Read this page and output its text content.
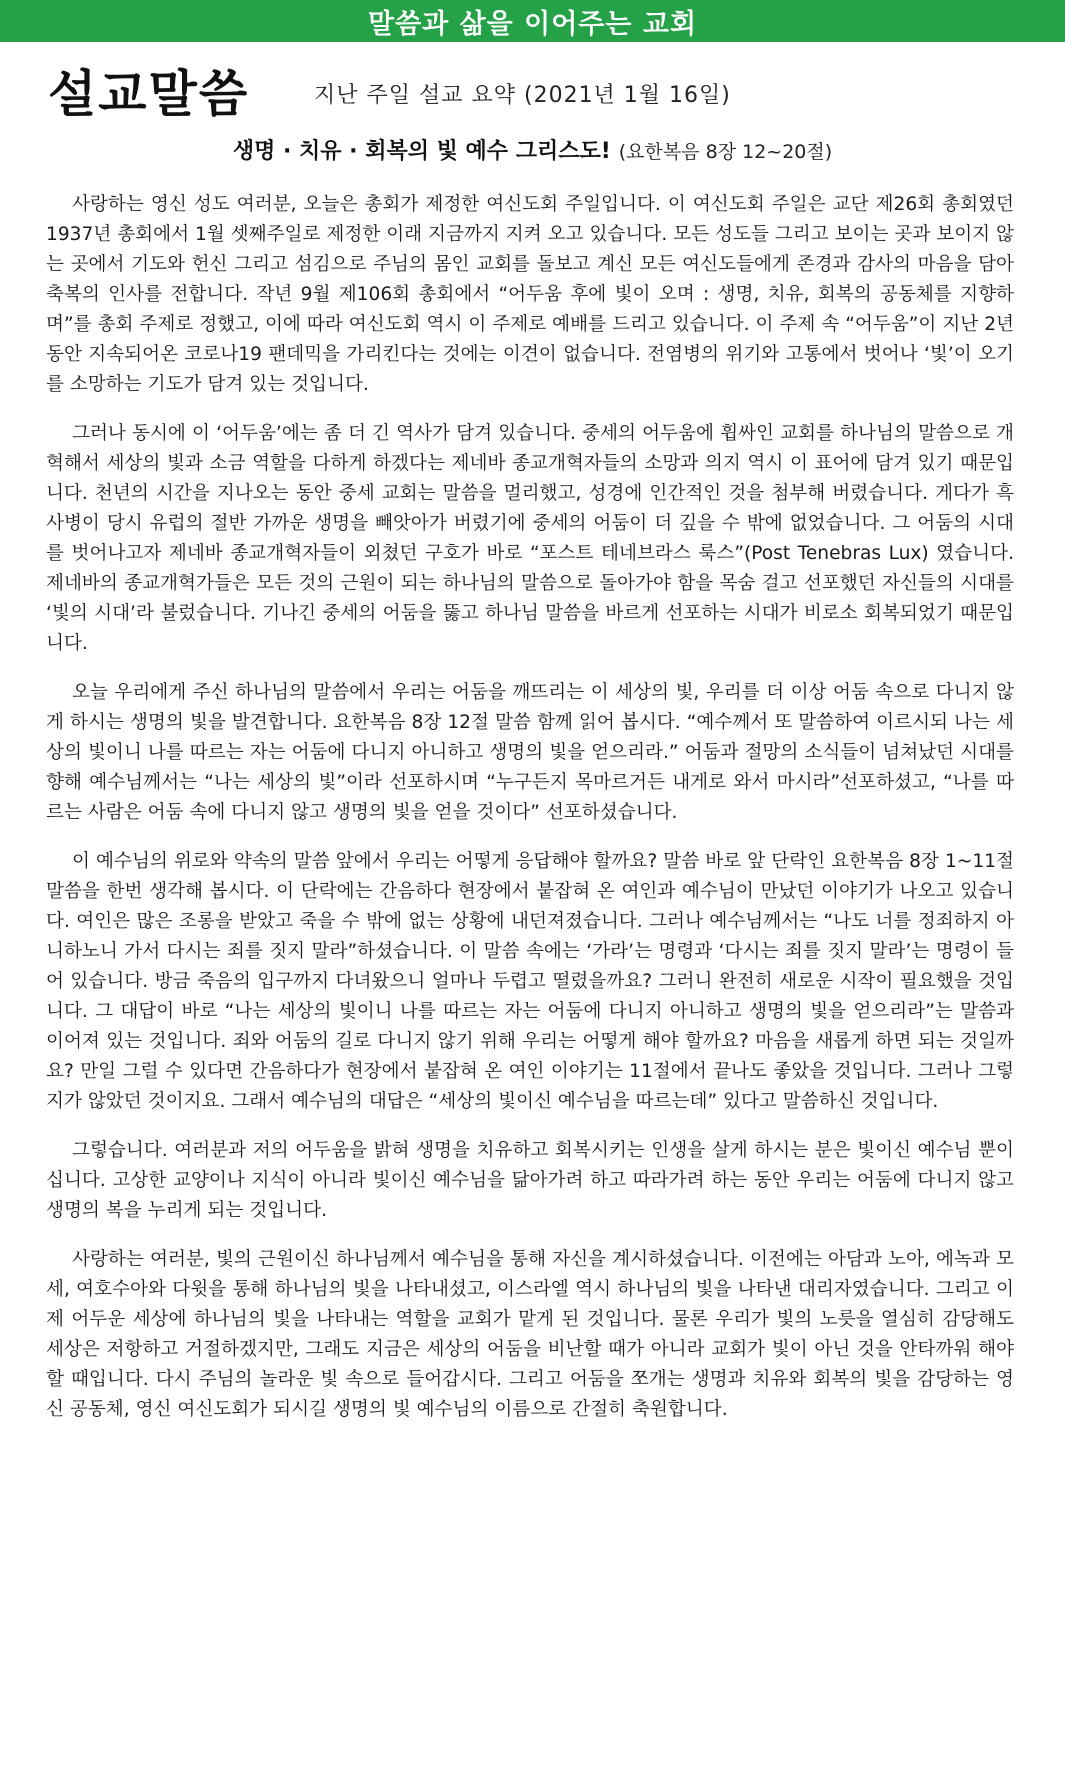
말씀과 삶을 이어주는 교회
설교말씀	지난 주일 설교 요약 (2021년 1월 16일)
생명 · 치유 · 회복의 빛 예수 그리스도! (요한복음 8장 12~20절)

사랑하는 영신 성도 여러분, 오늘은 총회가 제정한 여신도회 주일입니다. 이 여신도회 주일은 교단 제26회 총회였던 1937년 총회에서 1월 셋째주일로 제정한 이래 지금까지 지켜 오고 있습니다. 모든 성도들 그리고 보이는 곳과 보이지 않는 곳에서 기도와 헌신 그리고 섬김으로 주님의 몸인 교회를 돌보고 계신 모든 여신도들에게 존경과 감사의 마음을 담아 축복의 인사를 전합니다. 작년 9월 제106회 총회에서 “어두움 후에 빛이 오며 : 생명, 치유, 회복의 공동체를 지향하며”를 총회 주제로 정했고, 이에 따라 여신도회 역시 이 주제로 예배를 드리고 있습니다. 이 주제 속 “어두움”이 지난 2년 동안 지속되어온 코로나19 팬데믹을 가리킨다는 것에는 이견이 없습니다. 전염병의 위기와 고통에서 벗어나 ‘빛’이 오기를 소망하는 기도가 담겨 있는 것입니다.

그러나 동시에 이 ‘어두움’에는 좀 더 긴 역사가 담겨 있습니다. 중세의 어두움에 휩싸인 교회를 하나님의 말씀으로 개혁해서 세상의 빛과 소금 역할을 다하게 하겠다는 제네바 종교개혁자들의 소망과 의지 역시 이 표어에 담겨 있기 때문입니다. 천년의 시간을 지나오는 동안 중세 교회는 말씀을 멀리했고, 성경에 인간적인 것을 첨부해 버렸습니다. 게다가 흑사병이 당시 유럽의 절반 가까운 생명을 빼앗아가 버렸기에 중세의 어둠이 더 깊을 수 밖에 없었습니다. 그 어둠의 시대를 벗어나고자 제네바 종교개혁자들이 외쳤던 구호가 바로 “포스트 테네브라스 룩스”(Post Tenebras Lux) 였습니다. 제네바의 종교개혁가들은 모든 것의 근원이 되는 하나님의 말씀으로 돌아가야 함을 목숨 걸고 선포했던 자신들의 시대를 ‘빛의 시대’라 불렀습니다. 기나긴 중세의 어둠을 뚫고 하나님 말씀을 바르게 선포하는 시대가 비로소 회복되었기 때문입니다.

오늘 우리에게 주신 하나님의 말씀에서 우리는 어둠을 깨뜨리는 이 세상의 빛, 우리를 더 이상 어둠 속으로 다니지 않게 하시는 생명의 빛을 발견합니다. 요한복음 8장 12절 말씀 함께 읽어 봅시다. “예수께서 또 말씀하여 이르시되 나는 세상의 빛이니 나를 따르는 자는 어둠에 다니지 아니하고 생명의 빛을 얻으리라.” 어둠과 절망의 소식들이 넘쳐났던 시대를 향해 예수님께서는 “나는 세상의 빛”이라 선포하시며 “누구든지 목마르거든 내게로 와서 마시라”선포하셨고, “나를 따르는 사람은 어둠 속에 다니지 않고 생명의 빛을 얻을 것이다” 선포하셨습니다.

이 예수님의 위로와 약속의 말씀 앞에서 우리는 어떻게 응답해야 할까요? 말씀 바로 앞 단락인 요한복음 8장 1~11절 말씀을 한번 생각해 봅시다. 이 단락에는 간음하다 현장에서 붙잡혀 온 여인과 예수님이 만났던 이야기가 나오고 있습니다. 여인은 많은 조롱을 받았고 죽을 수 밖에 없는 상황에 내던져졌습니다. 그러나 예수님께서는 “나도 너를 정죄하지 아니하노니 가서 다시는 죄를 짓지 말라”하셨습니다. 이 말씀 속에는 ‘가라’는 명령과 ‘다시는 죄를 짓지 말라’는 명령이 들어 있습니다. 방금 죽음의 입구까지 다녀왔으니 얼마나 두렵고 떨렸을까요? 그러니 완전히 새로운 시작이 필요했을 것입니다. 그 대답이 바로 “나는 세상의 빛이니 나를 따르는 자는 어둠에 다니지 아니하고 생명의 빛을 얻으리라”는 말씀과 이어져 있는 것입니다. 죄와 어둠의 길로 다니지 않기 위해 우리는 어떻게 해야 할까요? 마음을 새롭게 하면 되는 것일까요? 만일 그럴 수 있다면 간음하다가 현장에서 붙잡혀 온 여인 이야기는 11절에서 끝나도 좋았을 것입니다. 그러나 그렇지가 않았던 것이지요. 그래서 예수님의 대답은 “세상의 빛이신 예수님을 따르는데” 있다고 말씀하신 것입니다.

그렇습니다. 여러분과 저의 어두움을 밝혀 생명을 치유하고 회복시키는 인생을 살게 하시는 분은 빛이신 예수님 뿐이십니다. 고상한 교양이나 지식이 아니라 빛이신 예수님을 닮아가려 하고 따라가려 하는 동안 우리는 어둠에 다니지 않고 생명의 복을 누리게 되는 것입니다.

사랑하는 여러분, 빛의 근원이신 하나님께서 예수님을 통해 자신을 계시하셨습니다. 이전에는 아담과 노아, 에녹과 모세, 여호수아와 다윗을 통해 하나님의 빛을 나타내셨고, 이스라엘 역시 하나님의 빛을 나타낸 대리자였습니다. 그리고 이제 어두운 세상에 하나님의 빛을 나타내는 역할을 교회가 맡게 된 것입니다. 물론 우리가 빛의 노릇을 열심히 감당해도 세상은 저항하고 거절하겠지만, 그래도 지금은 세상의 어둠을 비난할 때가 아니라 교회가 빛이 아닌 것을 안타까워 해야 할 때입니다. 다시 주님의 놀라운 빛 속으로 들어갑시다. 그리고 어둠을 쪼개는 생명과 치유와 회복의 빛을 감당하는 영신 공동체, 영신 여신도회가 되시길 생명의 빛 예수님의 이름으로 간절히 축원합니다.
